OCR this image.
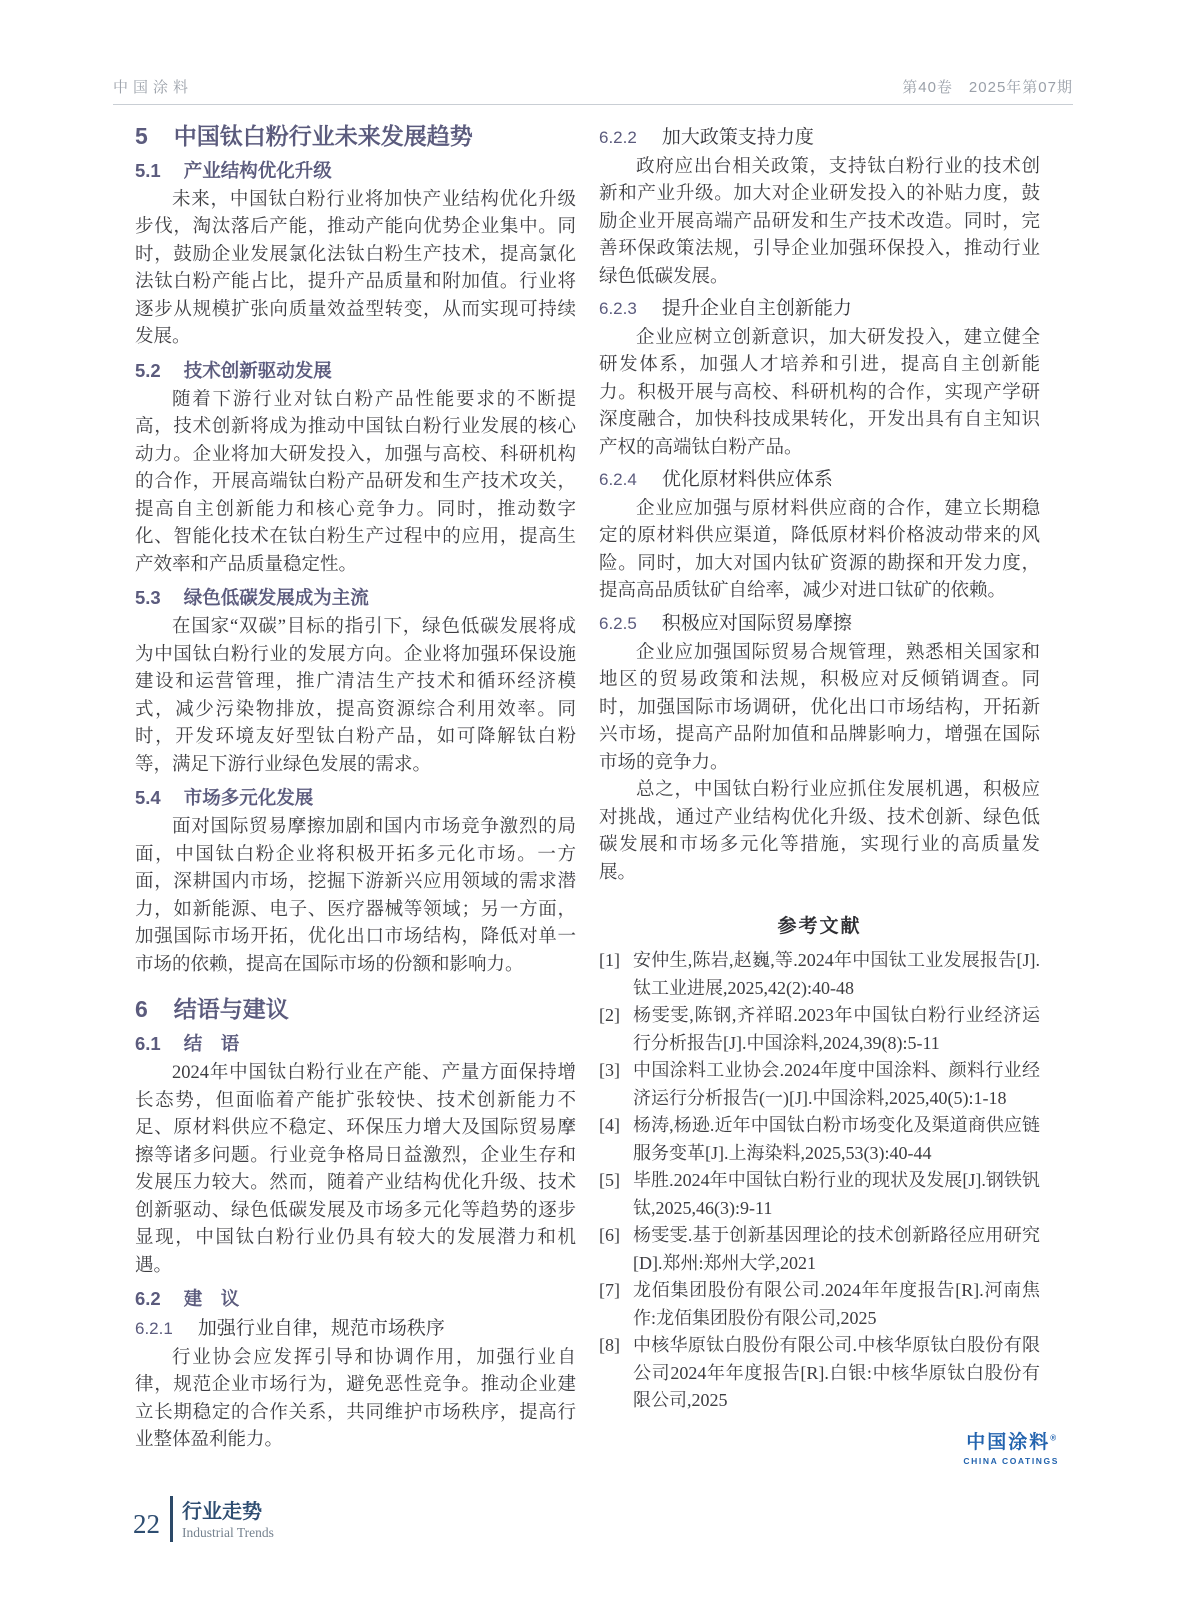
中国涂料	第40卷　2025年第07期
5 中国钛白粉行业未来发展趋势
5.1 产业结构优化升级

未来，中国钛白粉行业将加快产业结构优化升级步伐，淘汰落后产能，推动产能向优势企业集中。同时，鼓励企业发展氯化法钛白粉生产技术，提高氯化法钛白粉产能占比，提升产品质量和附加值。行业将逐步从规模扩张向质量效益型转变，从而实现可持续发展。

5.2 技术创新驱动发展

随着下游行业对钛白粉产品性能要求的不断提高，技术创新将成为推动中国钛白粉行业发展的核心动力。企业将加大研发投入，加强与高校、科研机构的合作，开展高端钛白粉产品研发和生产技术攻关，提高自主创新能力和核心竞争力。同时，推动数字化、智能化技术在钛白粉生产过程中的应用，提高生产效率和产品质量稳定性。

5.3 绿色低碳发展成为主流

在国家“双碳”目标的指引下，绿色低碳发展将成为中国钛白粉行业的发展方向。企业将加强环保设施建设和运营管理，推广清洁生产技术和循环经济模式，减少污染物排放，提高资源综合利用效率。同时，开发环境友好型钛白粉产品，如可降解钛白粉等，满足下游行业绿色发展的需求。

5.4 市场多元化发展

面对国际贸易摩擦加剧和国内市场竞争激烈的局面，中国钛白粉企业将积极开拓多元化市场。一方面，深耕国内市场，挖掘下游新兴应用领域的需求潜力，如新能源、电子、医疗器械等领域；另一方面，加强国际市场开拓，优化出口市场结构，降低对单一市场的依赖，提高在国际市场的份额和影响力。

6 结语与建议
6.1 结　语

2024年中国钛白粉行业在产能、产量方面保持增长态势，但面临着产能扩张较快、技术创新能力不足、原材料供应不稳定、环保压力增大及国际贸易摩擦等诸多问题。行业竞争格局日益激烈，企业生存和发展压力较大。然而，随着产业结构优化升级、技术创新驱动、绿色低碳发展及市场多元化等趋势的逐步显现，中国钛白粉行业仍具有较大的发展潜力和机遇。

6.2 建　议
6.2.1 加强行业自律，规范市场秩序

行业协会应发挥引导和协调作用，加强行业自律，规范企业市场行为，避免恶性竞争。推动企业建立长期稳定的合作关系，共同维护市场秩序，提高行业整体盈利能力。

6.2.2 加大政策支持力度

政府应出台相关政策，支持钛白粉行业的技术创新和产业升级。加大对企业研发投入的补贴力度，鼓励企业开展高端产品研发和生产技术改造。同时，完善环保政策法规，引导企业加强环保投入，推动行业绿色低碳发展。

6.2.3 提升企业自主创新能力

企业应树立创新意识，加大研发投入，建立健全研发体系，加强人才培养和引进，提高自主创新能力。积极开展与高校、科研机构的合作，实现产学研深度融合，加快科技成果转化，开发出具有自主知识产权的高端钛白粉产品。

6.2.4 优化原材料供应体系

企业应加强与原材料供应商的合作，建立长期稳定的原材料供应渠道，降低原材料价格波动带来的风险。同时，加大对国内钛矿资源的勘探和开发力度，提高高品质钛矿自给率，减少对进口钛矿的依赖。

6.2.5 积极应对国际贸易摩擦

企业应加强国际贸易合规管理，熟悉相关国家和地区的贸易政策和法规，积极应对反倾销调查。同时，加强国际市场调研，优化出口市场结构，开拓新兴市场，提高产品附加值和品牌影响力，增强在国际市场的竞争力。

总之，中国钛白粉行业应抓住发展机遇，积极应对挑战，通过产业结构优化升级、技术创新、绿色低碳发展和市场多元化等措施，实现行业的高质量发展。

参考文献
[1] 安仲生,陈岩,赵巍,等.2024年中国钛工业发展报告[J].钛工业进展,2025,42(2):40-48
[2] 杨雯雯,陈钢,齐祥昭.2023年中国钛白粉行业经济运行分析报告[J].中国涂料,2024,39(8):5-11
[3] 中国涂料工业协会.2024年度中国涂料、颜料行业经济运行分析报告(一)[J].中国涂料,2025,40(5):1-18
[4] 杨涛,杨逊.近年中国钛白粉市场变化及渠道商供应链服务变革[J].上海染料,2025,53(3):40-44
[5] 毕胜.2024年中国钛白粉行业的现状及发展[J].钢铁钒钛,2025,46(3):9-11
[6] 杨雯雯.基于创新基因理论的技术创新路径应用研究[D].郑州:郑州大学,2021
[7] 龙佰集团股份有限公司.2024年年度报告[R].河南焦作:龙佰集团股份有限公司,2025
[8] 中核华原钛白股份有限公司.中核华原钛白股份有限公司2024年年度报告[R].白银:中核华原钛白股份有限公司,2025
中国涂料®
CHINA COATINGS
22 行业走势
Industrial Trends
